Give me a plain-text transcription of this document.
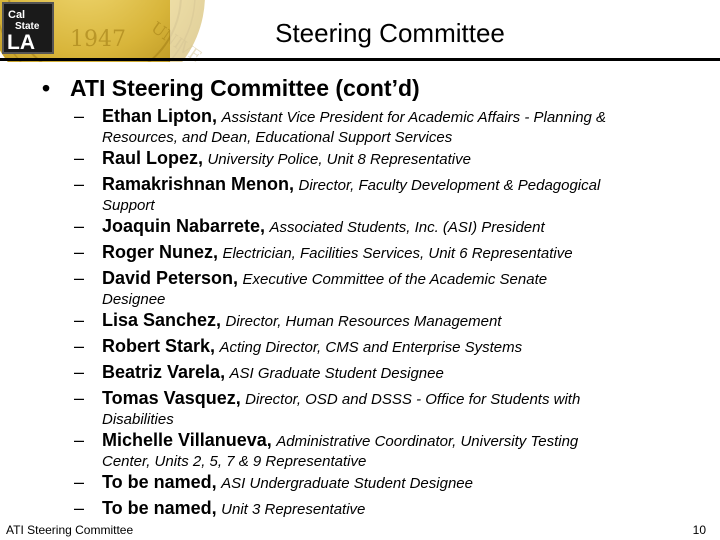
1947
Cal
State
LA	Steering Committee
• ATI Steering Committee (cont’d)
– Ethan Lipton, Assistant Vice President for Academic Affairs - Planning &
Resources, and Dean, Educational Support Services
– Raul Lopez, University Police, Unit 8 Representative
– Ramakrishnan Menon, Director, Faculty Development & Pedagogical
Support
– Joaquin Nabarrete, Associated Students, Inc. (ASI) President
– Roger Nunez, Electrician, Facilities Services, Unit 6 Representative
– David Peterson, Executive Committee of the Academic Senate
Designee
– Lisa Sanchez, Director, Human Resources Management
– Robert Stark, Acting Director, CMS and Enterprise Systems
– Beatriz Varela, ASI Graduate Student Designee
– Tomas Vasquez, Director, OSD and DSSS - Office for Students with
Disabilities
– Michelle Villanueva, Administrative Coordinator, University Testing
Center, Units 2, 5, 7 & 9 Representative
– To be named, ASI Undergraduate Student Designee
– To be named, Unit 3 Representative
ATI Steering Committee	10
